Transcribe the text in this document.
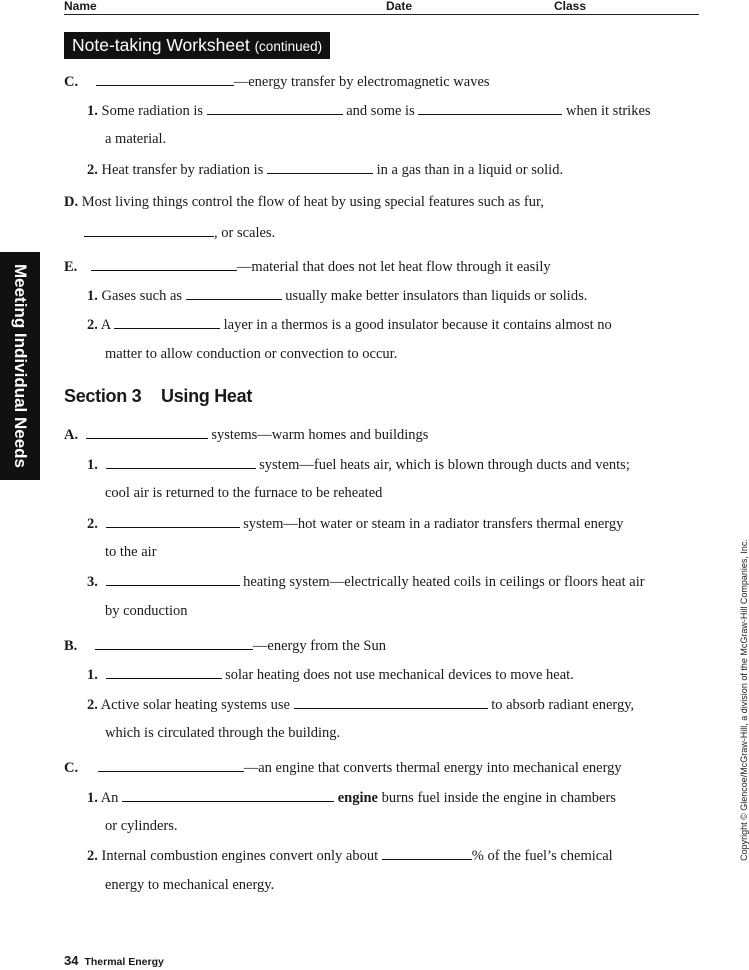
Name	Date	Class
Note-taking Worksheet (continued)
Meeting Individual Needs
Copyright © Glencoe/McGraw-Hill, a division of the McGraw-Hill Companies, Inc.
C.	—energy transfer by electromagnetic waves
1. Some radiation is	and some is	when it strikes
a material.
2. Heat transfer by radiation is	in a gas than in a liquid or solid.
D. Most living things control the flow of heat by using special features such as fur,
, or scales.
E.	—material that does not let heat flow through it easily
1. Gases such as	usually make better insulators than liquids or solids.
2. A	layer in a thermos is a good insulator because it contains almost no
matter to allow conduction or convection to occur.
Section 3 Using Heat
A.	systems—warm homes and buildings
1.	system—fuel heats air, which is blown through ducts and vents;
cool air is returned to the furnace to be reheated
2.	system—hot water or steam in a radiator transfers thermal energy
to the air
3.	heating system—electrically heated coils in ceilings or floors heat air
by conduction
B.	—energy from the Sun
1.	solar heating does not use mechanical devices to move heat.
2. Active solar heating systems use	to absorb radiant energy,
which is circulated through the building.
C.	—an engine that converts thermal energy into mechanical energy
1. An	engine burns fuel inside the engine in chambers
or cylinders.
2. Internal combustion engines convert only about	% of the fuel’s chemical
energy to mechanical energy.
34 Thermal Energy
